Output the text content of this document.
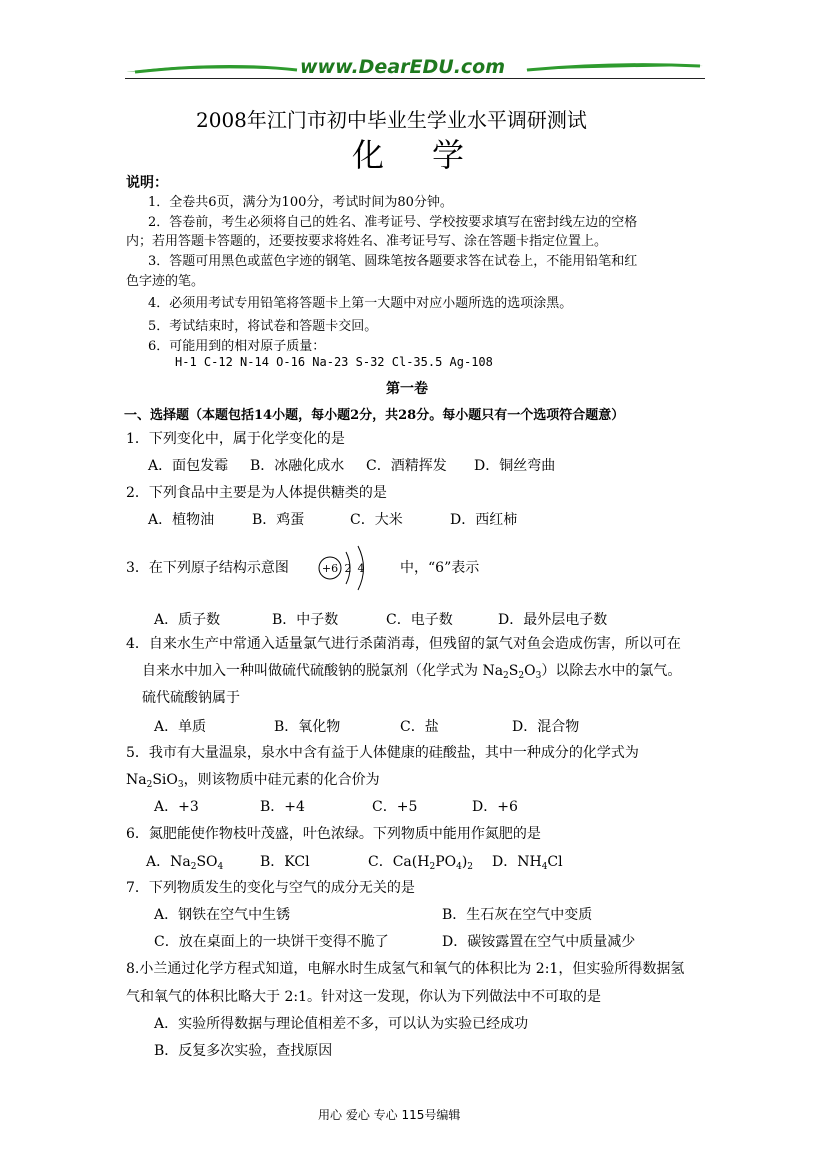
www.DearEDU.com
2008年江门市初中毕业生学业水平调研测试
化学
说明：
1．全卷共6页，满分为100分，考试时间为80分钟。
2．答卷前，考生必须将自己的姓名、准考证号、学校按要求填写在密封线左边的空格
内；若用答题卡答题的，还要按要求将姓名、准考证号写、涂在答题卡指定位置上。
3．答题可用黑色或蓝色字迹的钢笔、圆珠笔按各题要求答在试卷上，不能用铅笔和红
色字迹的笔。
4．必须用考试专用铅笔将答题卡上第一大题中对应小题所选的选项涂黑。
5．考试结束时，将试卷和答题卡交回。
6．可能用到的相对原子质量：
H-1 C-12 N-14 O-16 Na-23 S-32 Cl-35.5 Ag-108
第一卷
一、选择题（本题包括14小题，每小题2分，共28分。每小题只有一个选项符合题意）
1．下列变化中，属于化学变化的是
A．面包发霉 B．冰融化成水 C．酒精挥发 D．铜丝弯曲
2．下列食品中主要是为人体提供糖类的是
A．植物油	B．鸡蛋	C．大米	D．西红柿
3．在下列原子结构示意图	+6 2 4	中，“6”表示
A．质子数	B．中子数	C．电子数	D．最外层电子数
4．自来水生产中常通入适量氯气进行杀菌消毒，但残留的氯气对鱼会造成伤害，所以可在
自来水中加入一种叫做硫代硫酸钠的脱氯剂（化学式为 $Na_2S_2O_3$）以除去水中的氯气。
硫代硫酸钠属于
A．单质	B．氧化物	C．盐	D．混合物
5．我市有大量温泉，泉水中含有益于人体健康的硅酸盐，其中一种成分的化学式为
$Na_2SiO_3$，则该物质中硅元素的化合价为
A．+3	B．+4	C．+5	D．+6
6．氮肥能使作物枝叶茂盛，叶色浓绿。下列物质中能用作氮肥的是
A．$Na_2SO_4$	B．KCl	C．$Ca(H_2PO_4)_2$ D．$NH_4Cl$
7．下列物质发生的变化与空气的成分无关的是
A．钢铁在空气中生锈	B．生石灰在空气中变质
C．放在桌面上的一块饼干变得不脆了	D．碳铵露置在空气中质量减少
8.小兰通过化学方程式知道，电解水时生成氢气和氧气的体积比为 2:1，但实验所得数据氢
气和氧气的体积比略大于 2:1。针对这一发现，你认为下列做法中不可取的是
A．实验所得数据与理论值相差不多，可以认为实验已经成功
B．反复多次实验，查找原因
用心 爱心 专心 115号编辑
